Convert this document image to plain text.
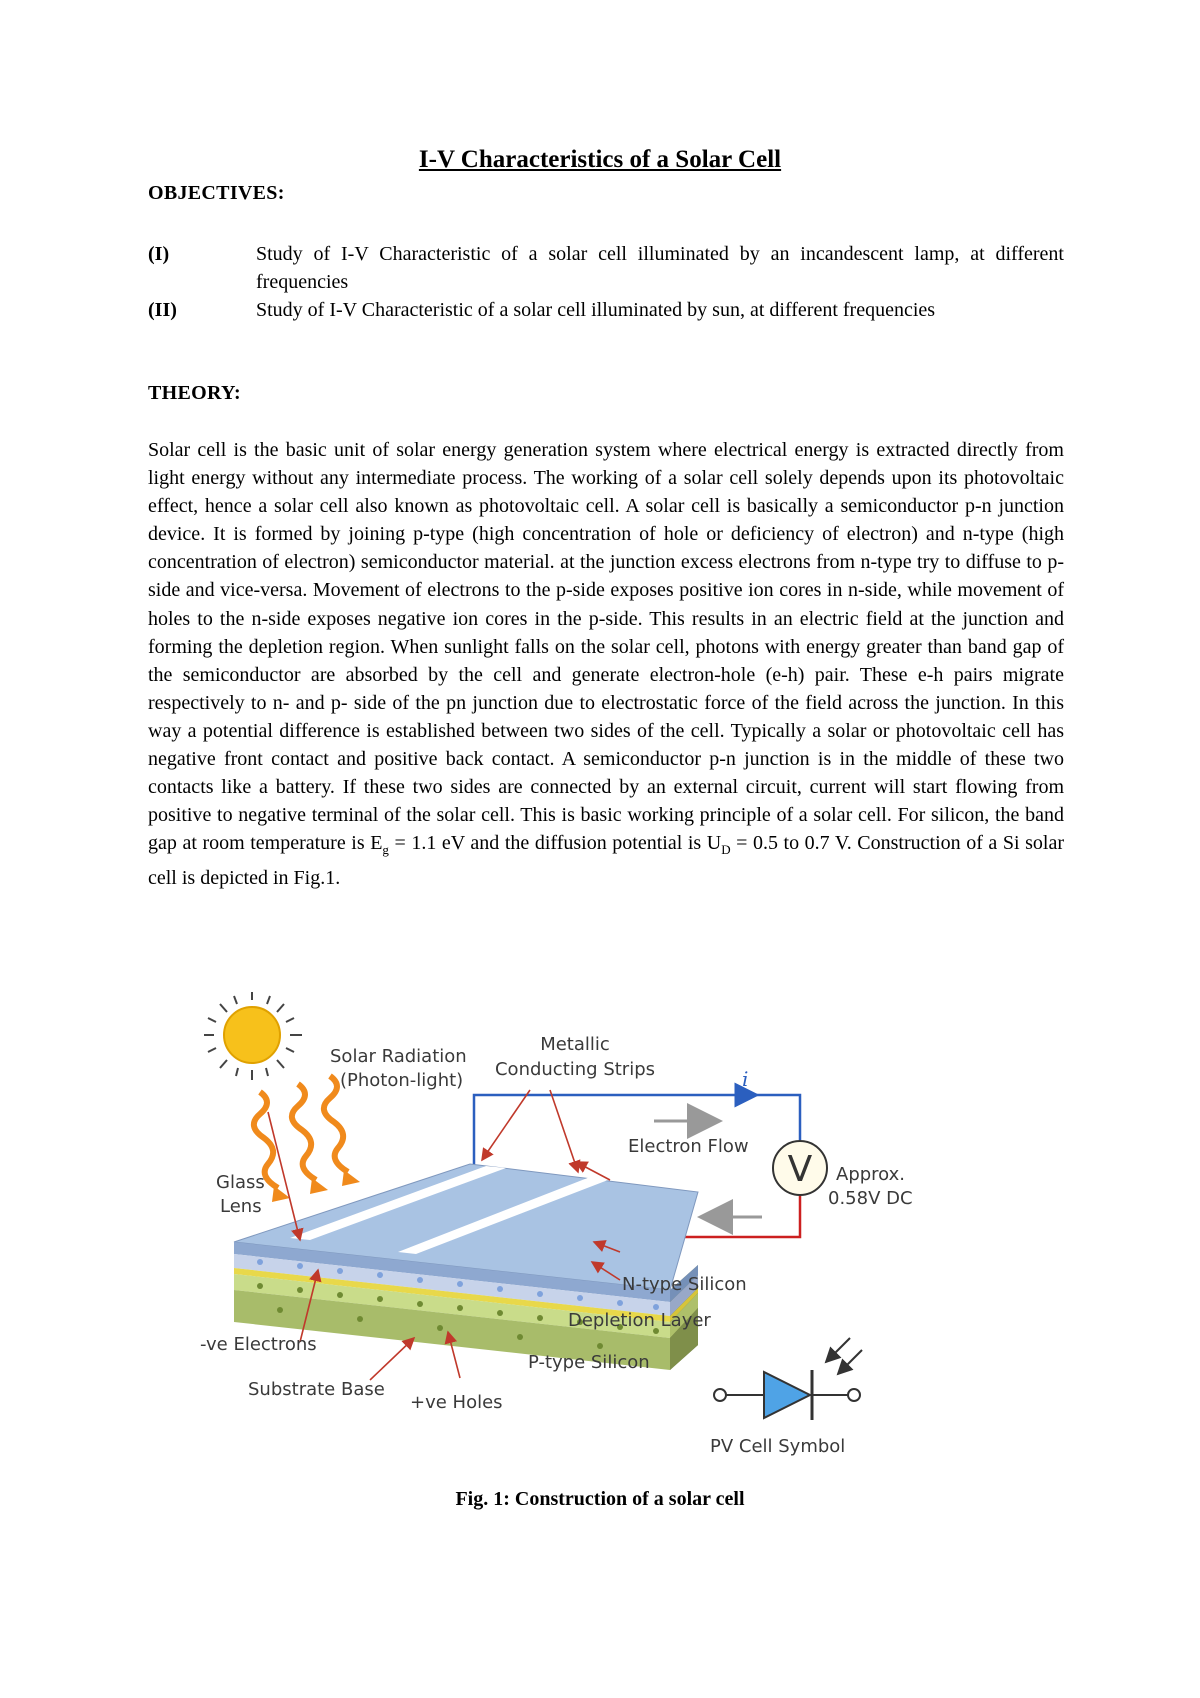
I-V Characteristics of a Solar Cell
OBJECTIVES:
(I)	Study of I-V Characteristic of a solar cell illuminated by an incandescent lamp, at different frequencies
(II)	Study of I-V Characteristic of a solar cell illuminated by sun, at different frequencies
THEORY:
Solar cell is the basic unit of solar energy generation system where electrical energy is extracted directly from light energy without any intermediate process. The working of a solar cell solely depends upon its photovoltaic effect, hence a solar cell also known as photovoltaic cell. A solar cell is basically a semiconductor p-n junction device. It is formed by joining p-type (high concentration of hole or deficiency of electron) and n-type (high concentration of electron) semiconductor material. at the junction excess electrons from n-type try to diffuse to p-side and vice-versa. Movement of electrons to the p-side exposes positive ion cores in n-side, while movement of holes to the n-side exposes negative ion cores in the p-side. This results in an electric field at the junction and forming the depletion region. When sunlight falls on the solar cell, photons with energy greater than band gap of the semiconductor are absorbed by the cell and generate electron-hole (e-h) pair. These e-h pairs migrate respectively to n- and p- side of the pn junction due to electrostatic force of the field across the junction. In this way a potential difference is established between two sides of the cell. Typically a solar or photovoltaic cell has negative front contact and positive back contact. A semiconductor p-n junction is in the middle of these two contacts like a battery. If these two sides are connected by an external circuit, current will start flowing from positive to negative terminal of the solar cell. This is basic working principle of a solar cell. For silicon, the band gap at room temperature is $E_g = 1.1$ eV and the diffusion potential is $U_D = 0.5$ to 0.7 V. Construction of a Si solar cell is depicted in Fig.1.
V
Solar Radiation
(Photon-light)
Metallic
Conducting Strips	i
Electron Flow
Approx.
0.58V DC
Glass
Lens
N-type Silicon
Depletion Layer
P-type Silicon
-ve Electrons
Substrate Base
+ve Holes
PV Cell Symbol
Fig. 1: Construction of a solar cell
